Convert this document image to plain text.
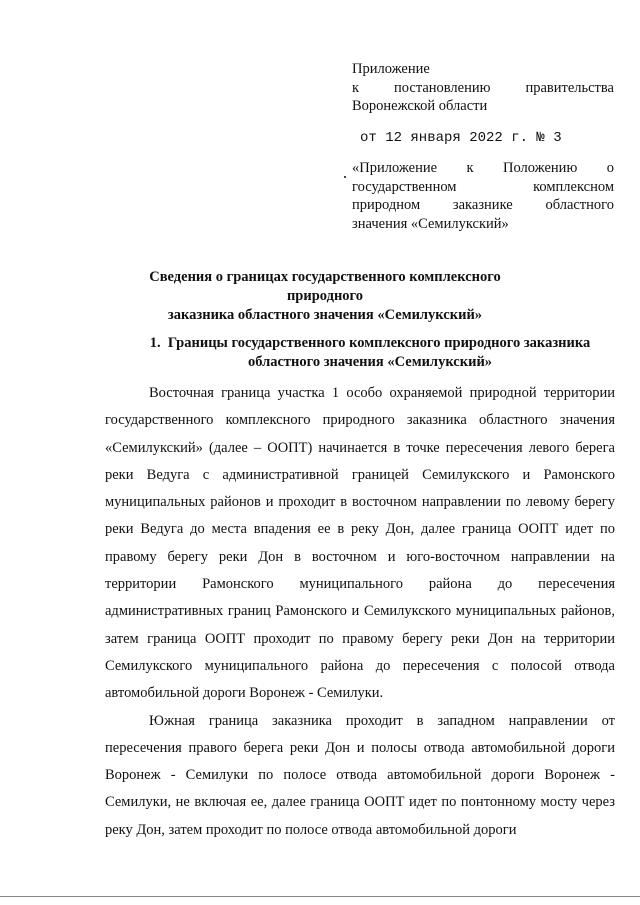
Приложение
к постановлению правительства
Воронежской области
от 12 января 2022 г. № 3
«Приложение к Положению о
государственном	комплексном
природном заказнике областного
значения «Семилукский»
Сведения о границах государственного комплексного природного
заказника областного значения «Семилукский»
1. Границы государственного комплексного природного заказника
областного значения «Семилукский»

Восточная граница участка 1 особо охраняемой природной территории государственного комплексного природного заказника областного значения «Семилукский» (далее – ООПТ) начинается в точке пересечения левого берега реки Ведуга с административной границей Семилукского и Рамонского муниципальных районов и проходит в восточном направлении по левому берегу реки Ведуга до места впадения ее в реку Дон, далее граница ООПТ идет по правому берегу реки Дон в восточном и юго-восточном направлении на территории Рамонского муниципального района до пересечения административных границ Рамонского и Семилукского муниципальных районов, затем граница ООПТ проходит по правому берегу реки Дон на территории Семилукского муниципального района до пересечения с полосой отвода автомобильной дороги Воронеж - Семилуки.

Южная граница заказника проходит в западном направлении от пересечения правого берега реки Дон и полосы отвода автомобильной дороги Воронеж - Семилуки по полосе отвода автомобильной дороги Воронеж - Семилуки, не включая ее, далее граница ООПТ идет по понтонному мосту через реку Дон, затем проходит по полосе отвода автомобильной дороги
